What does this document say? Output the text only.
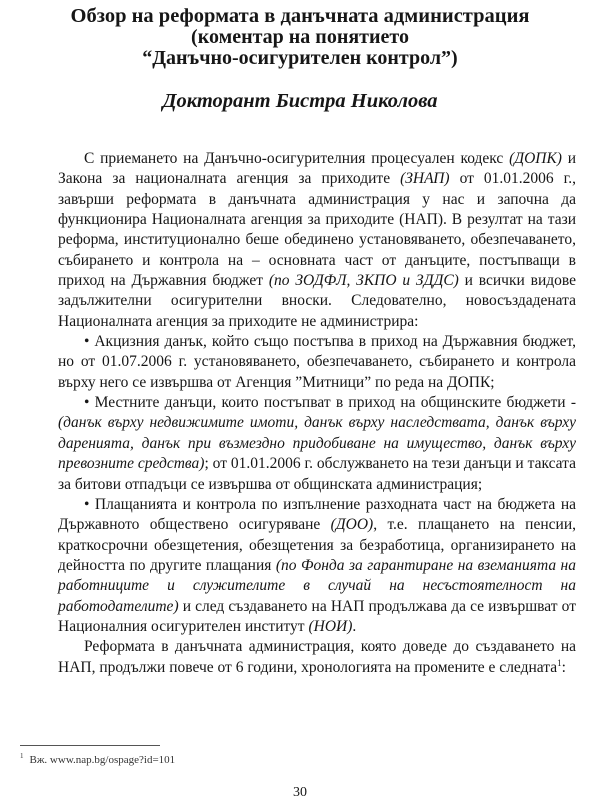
Обзор на реформата в данъчната администрация
(коментар на понятието
“Данъчно-осигурителен контрол”)
Докторант Бистра Николова

С приемането на Данъчно-осигурителния процесуален кодекс (ДОПК) и Закона за националната агенция за приходите (ЗНАП) от 01.01.2006 г., завърши реформата в данъчната администрация у нас и започна да функционира Националната агенция за приходите (НАП). В резултат на тази реформа, институционално беше обединено установяването, обезпечаването, събирането и контрола на – основната част от данъците, постъпващи в приход на Държавния бюджет (по ЗОДФЛ, ЗКПО и ЗДДС) и всички видове задължителни осигурителни вноски. Следователно, новосъздадената Националната агенция за приходите не администрира:

• Акцизния данък, който също постъпва в приход на Държавния бюджет, но от 01.07.2006 г. установяването, обезпечаването, събирането и контрола върху него се извършва от Агенция ”Митници” по реда на ДОПК;

• Местните данъци, които постъпват в приход на общинските бюджети - (данък върху недвижимите имоти, данък върху наследствата, данък върху даренията, данък при възмездно придобиване на имущество, данък върху превозните средства); от 01.01.2006 г. обслужването на тези данъци и таксата за битови отпадъци се извършва от общинската администрация;

• Плащанията и контрола по изпълнение разходната част на бюджета на Държавното обществено осигуряване (ДОО), т.е. плащането на пенсии, краткосрочни обезщетения, обезщетения за безработица, организирането на дейността по другите плащания (по Фонда за гарантиране на вземанията на работниците и служителите в случай на несъстоятелност на работодателите) и след създаването на НАП продължава да се извършват от Националния осигурителен институт (НОИ).

Реформата в данъчната администрация, която доведе до създаването на НАП, продължи повече от 6 години, хронологията на промените е следната$^1$:

$^1$ Вж. www.nap.bg/ospage?id=101
30
